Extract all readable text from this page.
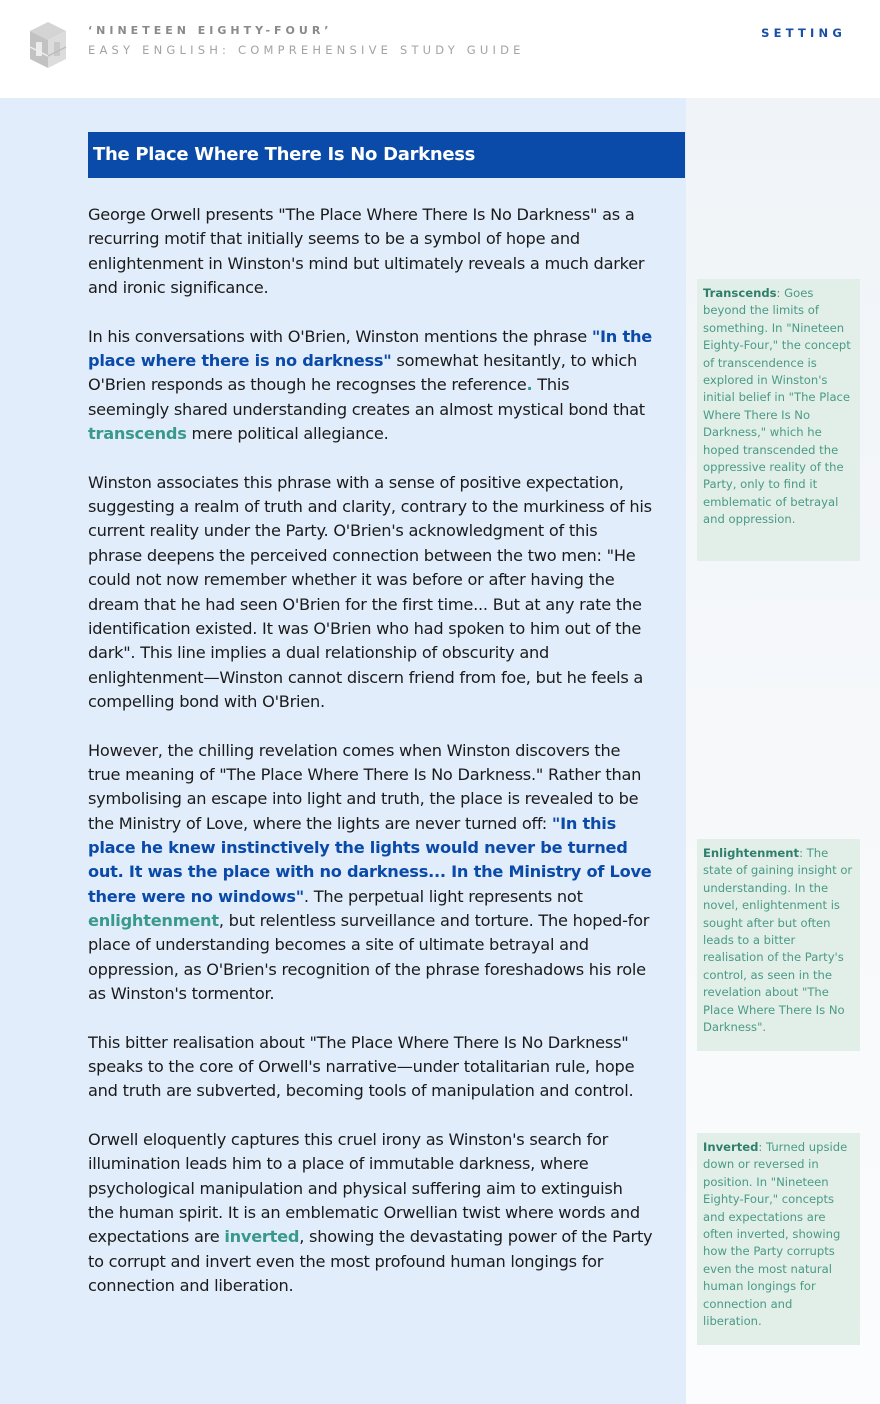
‘NINETEEN EIGHTY-FOUR’
EASY ENGLISH: COMPREHENSIVE STUDY GUIDE
SETTING
The Place Where There Is No Darkness

George Orwell presents "The Place Where There Is No Darkness" as a recurring motif that initially seems to be a symbol of hope and enlightenment in Winston's mind but ultimately reveals a much darker and ironic significance.

In his conversations with O'Brien, Winston mentions the phrase "In the place where there is no darkness" somewhat hesitantly, to which O'Brien responds as though he recognses the reference. This seemingly shared understanding creates an almost mystical bond that transcends mere political allegiance.

Winston associates this phrase with a sense of positive expectation, suggesting a realm of truth and clarity, contrary to the murkiness of his current reality under the Party. O'Brien's acknowledgment of this phrase deepens the perceived connection between the two men: "He could not now remember whether it was before or after having the dream that he had seen O'Brien for the first time... But at any rate the identification existed. It was O'Brien who had spoken to him out of the dark". This line implies a dual relationship of obscurity and enlightenment—Winston cannot discern friend from foe, but he feels a compelling bond with O'Brien.

However, the chilling revelation comes when Winston discovers the true meaning of "The Place Where There Is No Darkness." Rather than symbolising an escape into light and truth, the place is revealed to be the Ministry of Love, where the lights are never turned off: "In this place he knew instinctively the lights would never be turned out. It was the place with no darkness... In the Ministry of Love there were no windows". The perpetual light represents not enlightenment, but relentless surveillance and torture. The hoped-for place of understanding becomes a site of ultimate betrayal and oppression, as O'Brien's recognition of the phrase foreshadows his role as Winston's tormentor.

This bitter realisation about "The Place Where There Is No Darkness" speaks to the core of Orwell's narrative—under totalitarian rule, hope and truth are subverted, becoming tools of manipulation and control.

Orwell eloquently captures this cruel irony as Winston's search for illumination leads him to a place of immutable darkness, where psychological manipulation and physical suffering aim to extinguish the human spirit. It is an emblematic Orwellian twist where words and expectations are inverted, showing the devastating power of the Party to corrupt and invert even the most profound human longings for connection and liberation.

Transcends: Goes beyond the limits of something. In "Nineteen Eighty-Four," the concept of transcendence is explored in Winston's initial belief in "The Place Where There Is No Darkness," which he hoped transcended the oppressive reality of the Party, only to find it emblematic of betrayal and oppression.
Enlightenment: The state of gaining insight or understanding. In the novel, enlightenment is sought after but often leads to a bitter realisation of the Party's control, as seen in the revelation about "The Place Where There Is No Darkness".
Inverted: Turned upside down or reversed in position. In "Nineteen Eighty-Four," concepts and expectations are often inverted, showing how the Party corrupts even the most natural human longings for connection and liberation.
